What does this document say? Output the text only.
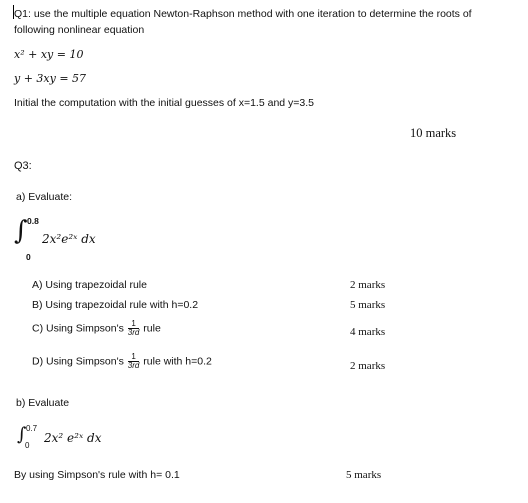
Q1: use the multiple equation Newton-Raphson method with one iteration to determine the roots of
following nonlinear equation
x² + xy = 10
y + 3xy = 57
Initial the computation with the initial guesses of x=1.5 and y=3.5
10 marks
Q3:
a) Evaluate:
∫ 0.8
0
2x²e²ˣ dx
A) Using trapezoidal rule	2 marks
B) Using trapezoidal rule with h=0.2	5 marks
C) Using Simpson's $\frac{1}{3rd}$ rule	4 marks
D) Using Simpson's $\frac{1}{3rd}$ rule with h=0.2	2 marks
b) Evaluate
∫ 0.7
0
2x² e²ˣ dx
By using Simpson's rule with h= 0.1	5 marks
